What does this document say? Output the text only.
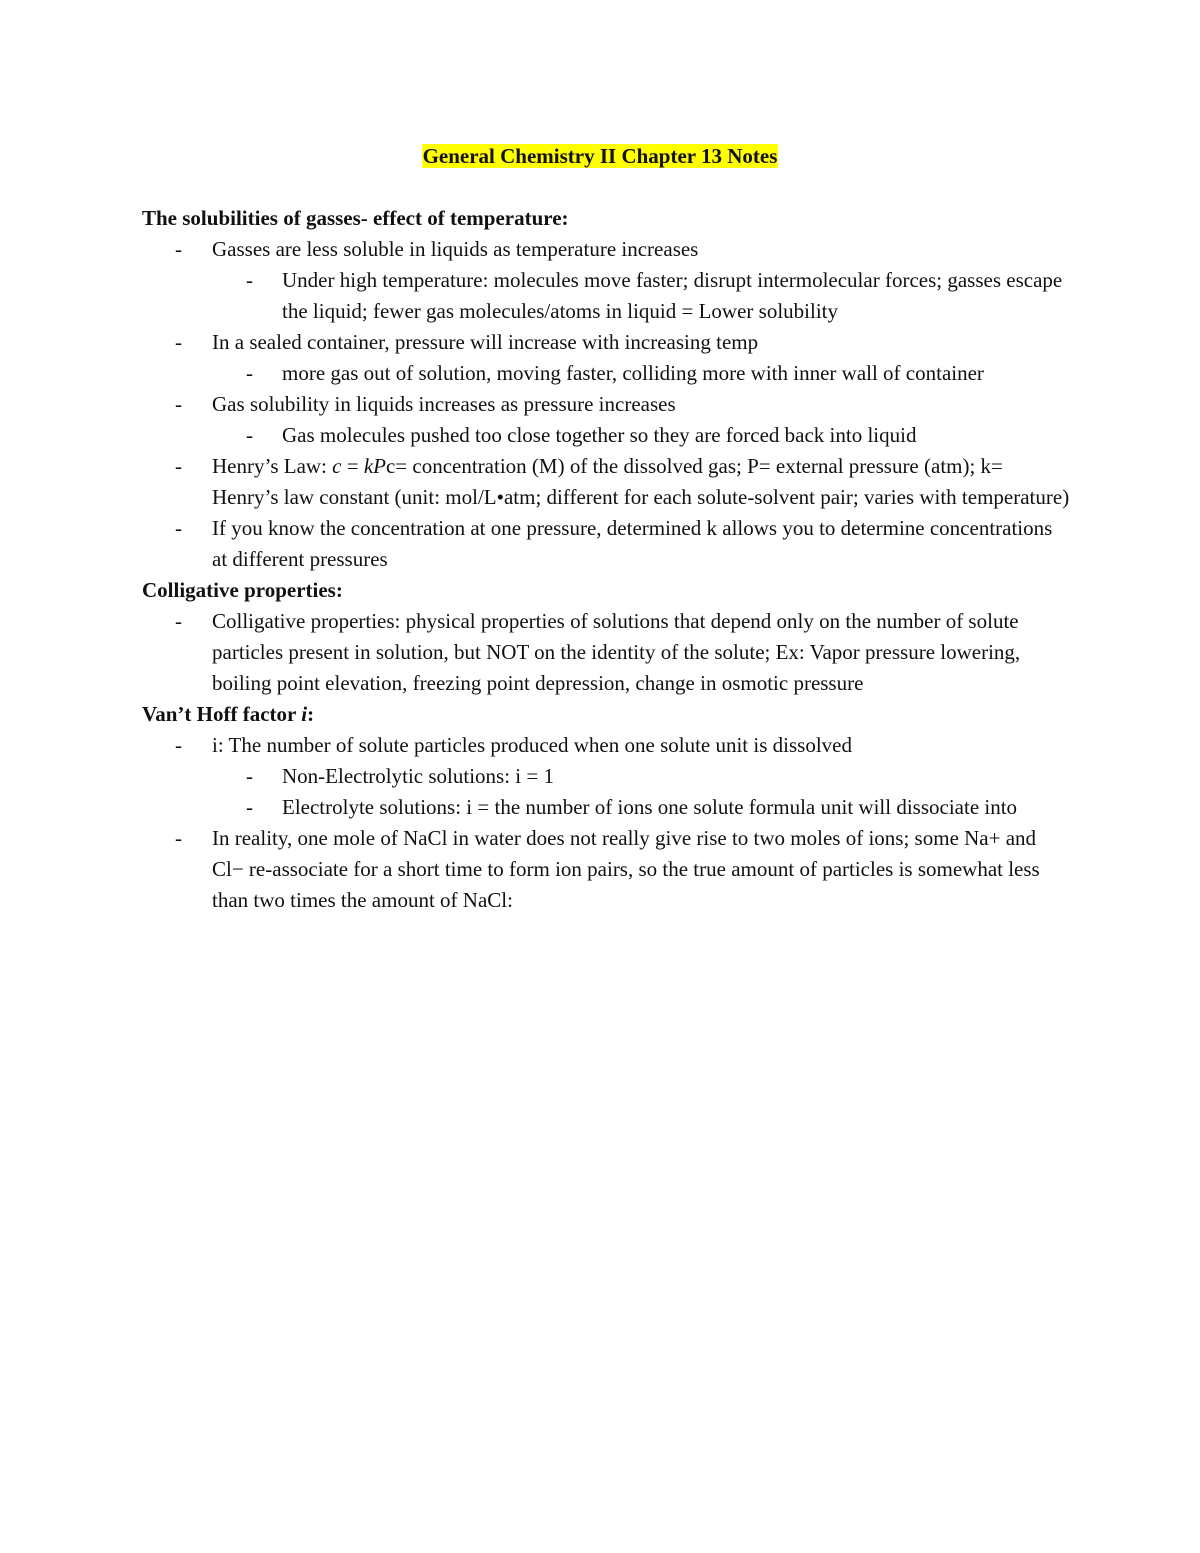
General Chemistry II Chapter 13 Notes
The solubilities of gasses- effect of temperature:
- Gasses are less soluble in liquids as temperature increases
- Under high temperature: molecules move faster; disrupt intermolecular forces; gasses escape the liquid; fewer gas molecules/atoms in liquid = Lower solubility
- In a sealed container, pressure will increase with increasing temp
- more gas out of solution, moving faster, colliding more with inner wall of container
- Gas solubility in liquids increases as pressure increases
- Gas molecules pushed too close together so they are forced back into liquid
- Henry’s Law: c = kPc= concentration (M) of the dissolved gas; P= external pressure (atm); k= Henry’s law constant (unit: mol/L•atm; different for each solute-solvent pair; varies with temperature)
- If you know the concentration at one pressure, determined k allows you to determine concentrations at different pressures
Colligative properties:
- Colligative properties: physical properties of solutions that depend only on the number of solute particles present in solution, but NOT on the identity of the solute; Ex: Vapor pressure lowering, boiling point elevation, freezing point depression, change in osmotic pressure
Van’t Hoff factor i:
- i: The number of solute particles produced when one solute unit is dissolved
- Non-Electrolytic solutions: i = 1
- Electrolyte solutions: i = the number of ions one solute formula unit will dissociate into
- In reality, one mole of NaCl in water does not really give rise to two moles of ions; some Na+ and Cl− re-associate for a short time to form ion pairs, so the true amount of particles is somewhat less than two times the amount of NaCl:
